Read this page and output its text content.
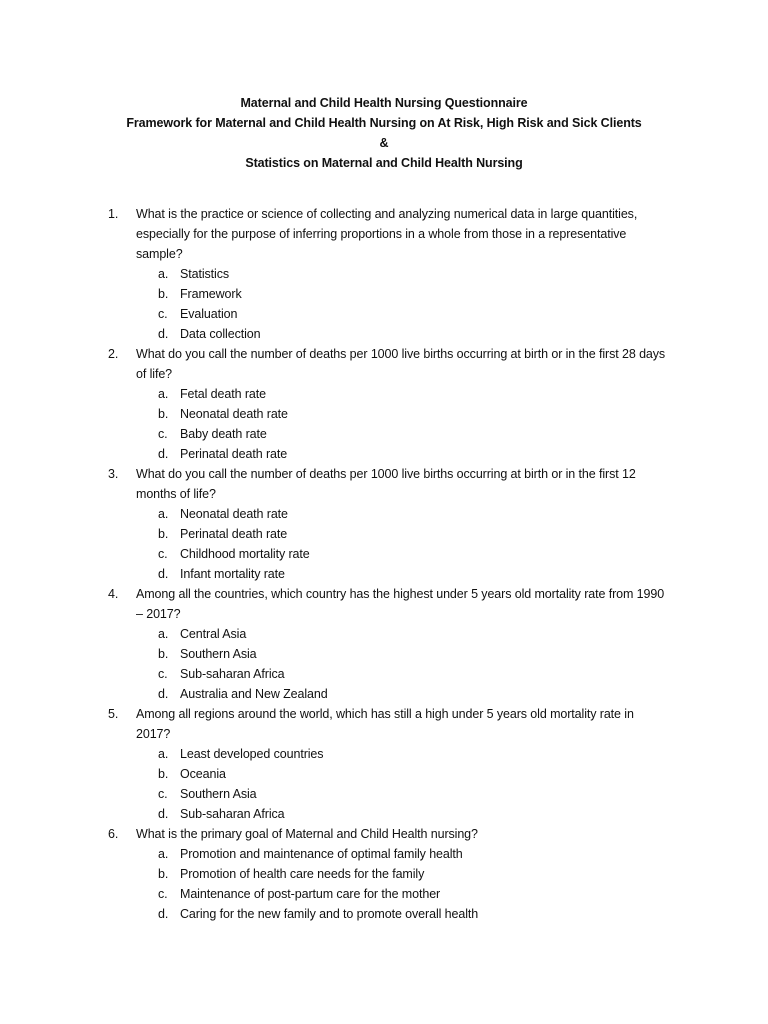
Maternal and Child Health Nursing Questionnaire
Framework for Maternal and Child Health Nursing on At Risk, High Risk and Sick Clients
&
Statistics on Maternal and Child Health Nursing
1.	What is the practice or science of collecting and analyzing numerical data in large quantities, especially for the purpose of inferring proportions in a whole from those in a representative sample?
a. Statistics
b. Framework
c. Evaluation
d. Data collection
2.	What do you call the number of deaths per 1000 live births occurring at birth or in the first 28 days of life?
a. Fetal death rate
b. Neonatal death rate
c. Baby death rate
d. Perinatal death rate
3.	What do you call the number of deaths per 1000 live births occurring at birth or in the first 12 months of life?
a. Neonatal death rate
b. Perinatal death rate
c. Childhood mortality rate
d. Infant mortality rate
4.	Among all the countries, which country has the highest under 5 years old mortality rate from 1990 – 2017?
a. Central Asia
b. Southern Asia
c. Sub-saharan Africa
d. Australia and New Zealand
5.	Among all regions around the world, which has still a high under 5 years old mortality rate in 2017?
a. Least developed countries
b. Oceania
c. Southern Asia
d. Sub-saharan Africa
6.	What is the primary goal of Maternal and Child Health nursing?
a. Promotion and maintenance of optimal family health
b. Promotion of health care needs for the family
c. Maintenance of post-partum care for the mother
d. Caring for the new family and to promote overall health
